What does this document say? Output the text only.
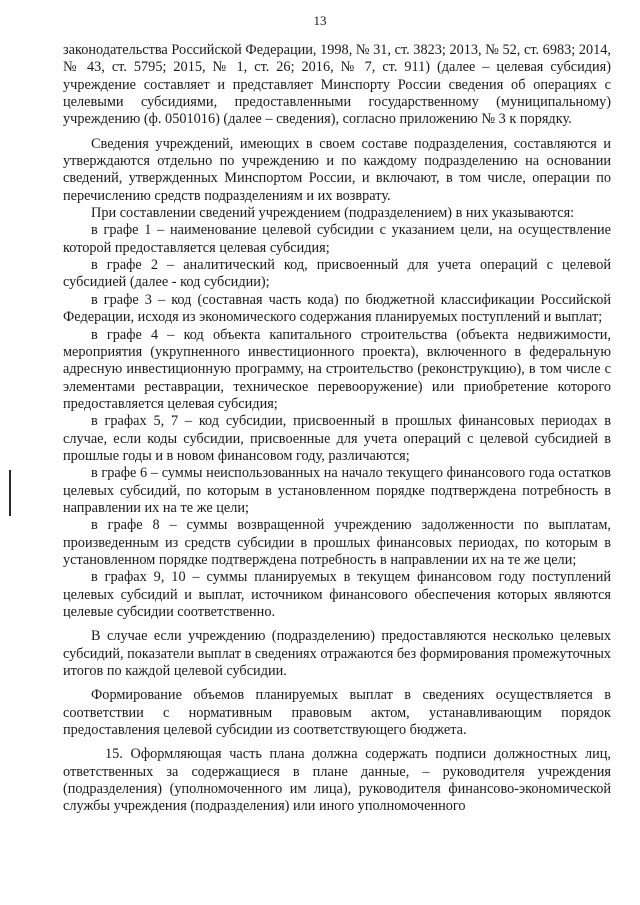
13

законодательства Российской Федерации, 1998, № 31, ст. 3823; 2013, № 52, ст. 6983; 2014, № 43, ст. 5795; 2015, № 1, ст. 26; 2016, № 7, ст. 911) (далее – целевая субсидия) учреждение составляет и представляет Минспорту России сведения об операциях с целевыми субсидиями, предоставленными государственному (муниципальному) учреждению (ф. 0501016) (далее – сведения), согласно приложению № 3 к порядку.

Сведения учреждений, имеющих в своем составе подразделения, составляются и утверждаются отдельно по учреждению и по каждому подразделению на основании сведений, утвержденных Минспортом России, и включают, в том числе, операции по перечислению средств подразделениям и их возврату.

При составлении сведений учреждением (подразделением) в них указываются:

в графе 1 – наименование целевой субсидии с указанием цели, на осуществление которой предоставляется целевая субсидия;

в графе 2 – аналитический код, присвоенный для учета операций с целевой субсидией (далее - код субсидии);

в графе 3 – код (составная часть кода) по бюджетной классификации Российской Федерации, исходя из экономического содержания планируемых поступлений и выплат;

в графе 4 – код объекта капитального строительства (объекта недвижимости, мероприятия (укрупненного инвестиционного проекта), включенного в федеральную адресную инвестиционную программу, на строительство (реконструкцию), в том числе с элементами реставрации, техническое перевооружение) или приобретение которого предоставляется целевая субсидия;

в графах 5, 7 – код субсидии, присвоенный в прошлых финансовых периодах в случае, если коды субсидии, присвоенные для учета операций с целевой субсидией в прошлые годы и в новом финансовом году, различаются;

в графе 6 – суммы неиспользованных на начало текущего финансового года остатков целевых субсидий, по которым в установленном порядке подтверждена потребность в направлении их на те же цели;

в графе 8 – суммы возвращенной учреждению задолженности по выплатам, произведенным из средств субсидии в прошлых финансовых периодах, по которым в установленном порядке подтверждена потребность в направлении их на те же цели;

в графах 9, 10 – суммы планируемых в текущем финансовом году поступлений целевых субсидий и выплат, источником финансового обеспечения которых являются целевые субсидии соответственно.

В случае если учреждению (подразделению) предоставляются несколько целевых субсидий, показатели выплат в сведениях отражаются без формирования промежуточных итогов по каждой целевой субсидии.

Формирование объемов планируемых выплат в сведениях осуществляется в соответствии с нормативным правовым актом, устанавливающим порядок предоставления целевой субсидии из соответствующего бюджета.

15. Оформляющая часть плана должна содержать подписи должностных лиц, ответственных за содержащиеся в плане данные, – руководителя учреждения (подразделения) (уполномоченного им лица), руководителя финансово-экономической службы учреждения (подразделения) или иного уполномоченного
